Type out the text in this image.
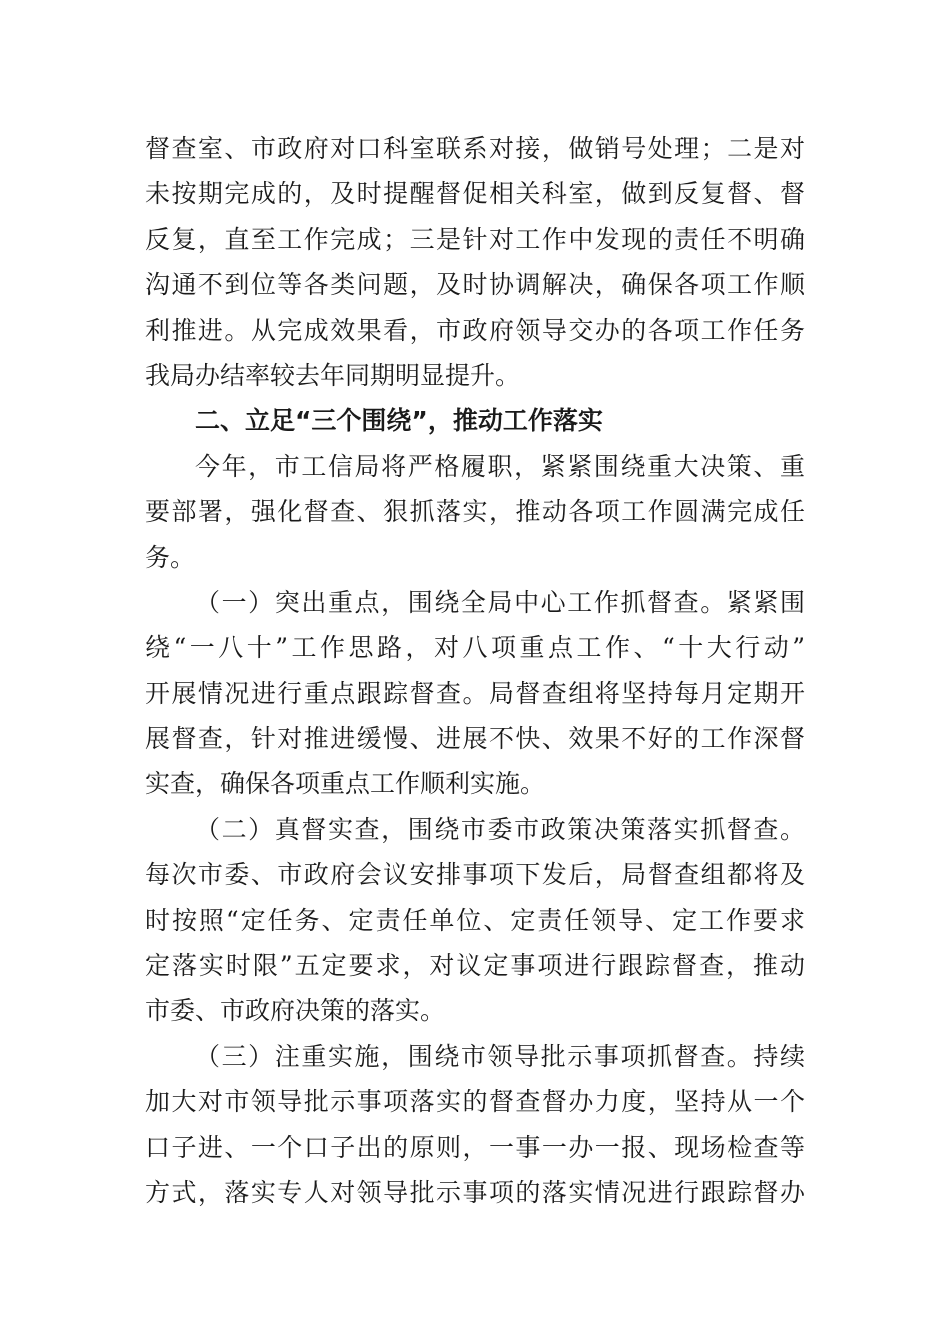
督查室、市政府对口科室联系对接，做销号处理；二是对
未按期完成的，及时提醒督促相关科室，做到反复督、督
反复，直至工作完成；三是针对工作中发现的责任不明确
沟通不到位等各类问题，及时协调解决，确保各项工作顺
利推进。从完成效果看，市政府领导交办的各项工作任务
我局办结率较去年同期明显提升。
二、立足“三个围绕”，推动工作落实
今年，市工信局将严格履职，紧紧围绕重大决策、重
要部署，强化督查、狠抓落实，推动各项工作圆满完成任
务。
（一）突出重点，围绕全局中心工作抓督查。紧紧围
绕“一八十”工作思路，对八项重点工作、“十大行动”
开展情况进行重点跟踪督查。局督查组将坚持每月定期开
展督查，针对推进缓慢、进展不快、效果不好的工作深督
实查，确保各项重点工作顺利实施。
（二）真督实查，围绕市委市政策决策落实抓督查。
每次市委、市政府会议安排事项下发后，局督查组都将及
时按照“定任务、定责任单位、定责任领导、定工作要求
定落实时限”五定要求，对议定事项进行跟踪督查，推动
市委、市政府决策的落实。
（三）注重实施，围绕市领导批示事项抓督查。持续
加大对市领导批示事项落实的督查督办力度，坚持从一个
口子进、一个口子出的原则，一事一办一报、现场检查等
方式，落实专人对领导批示事项的落实情况进行跟踪督办
